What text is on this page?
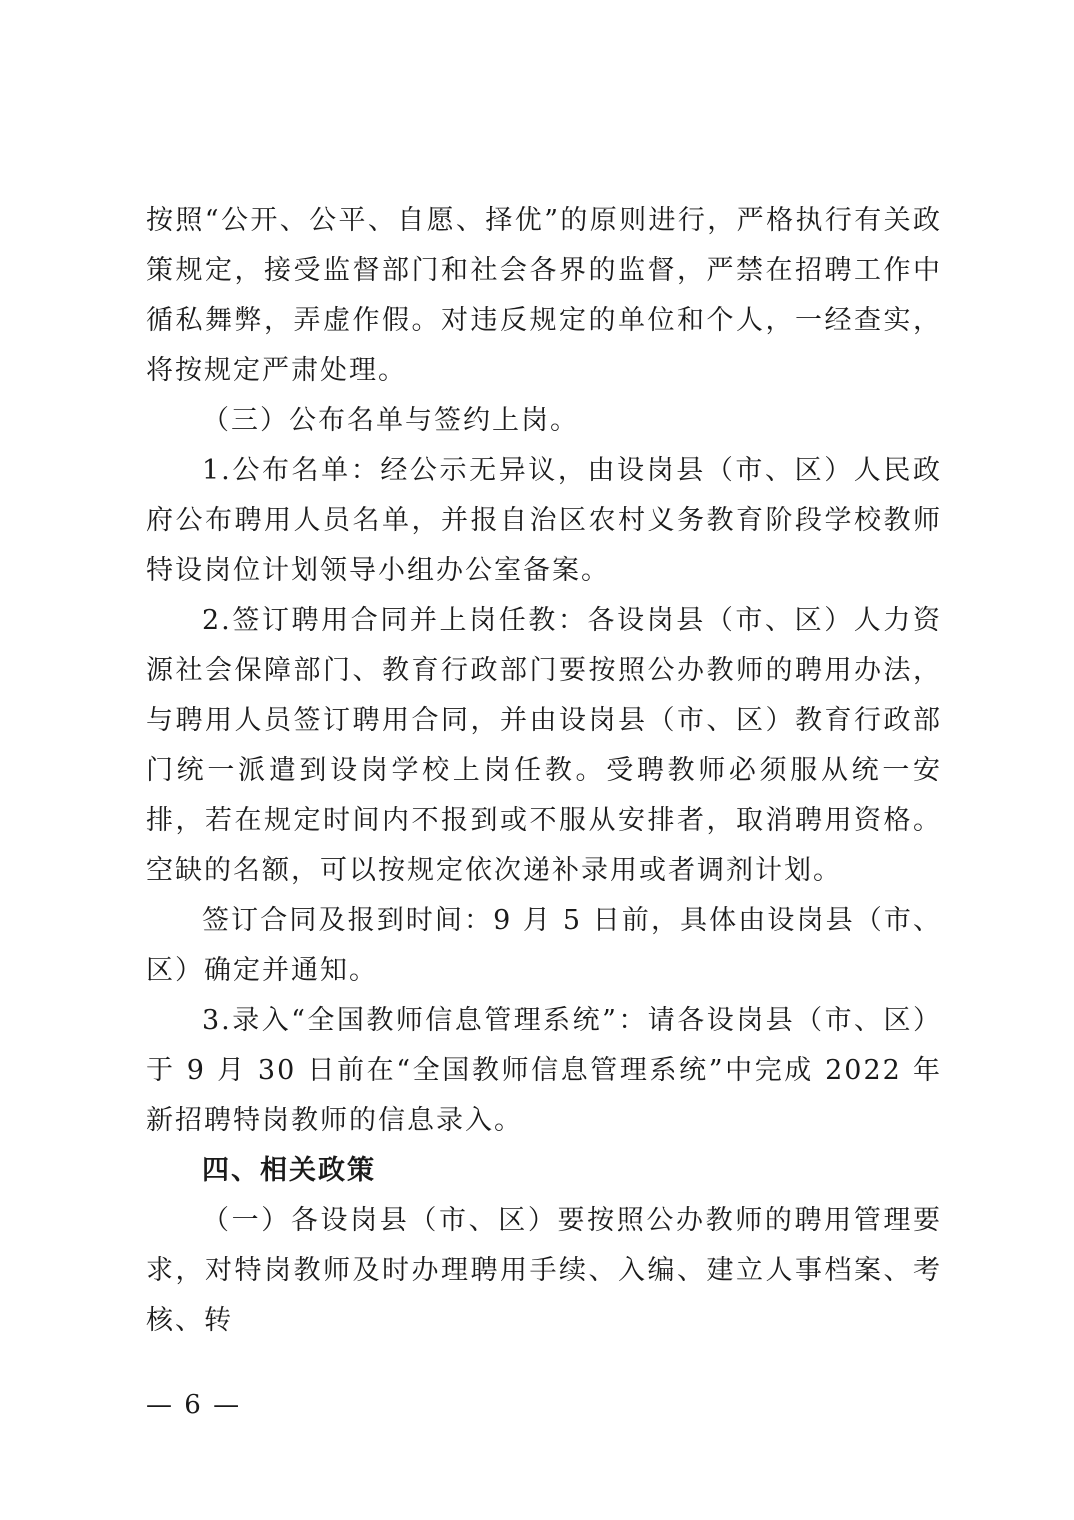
按照“公开、公平、自愿、择优”的原则进行，严格执行有关政策规定，接受监督部门和社会各界的监督，严禁在招聘工作中循私舞弊，弄虚作假。对违反规定的单位和个人，一经查实，将按规定严肃处理。

（三）公布名单与签约上岗。

1.公布名单：经公示无异议，由设岗县（市、区）人民政府公布聘用人员名单，并报自治区农村义务教育阶段学校教师特设岗位计划领导小组办公室备案。

2.签订聘用合同并上岗任教：各设岗县（市、区）人力资源社会保障部门、教育行政部门要按照公办教师的聘用办法，与聘用人员签订聘用合同，并由设岗县（市、区）教育行政部门统一派遣到设岗学校上岗任教。受聘教师必须服从统一安排，若在规定时间内不报到或不服从安排者，取消聘用资格。空缺的名额，可以按规定依次递补录用或者调剂计划。

签订合同及报到时间：9 月 5 日前，具体由设岗县（市、区）确定并通知。

3.录入“全国教师信息管理系统”：请各设岗县（市、区）于 9 月 30 日前在“全国教师信息管理系统”中完成 2022 年新招聘特岗教师的信息录入。

四、相关政策

（一）各设岗县（市、区）要按照公办教师的聘用管理要求，对特岗教师及时办理聘用手续、入编、建立人事档案、考核、转

— 6 —
